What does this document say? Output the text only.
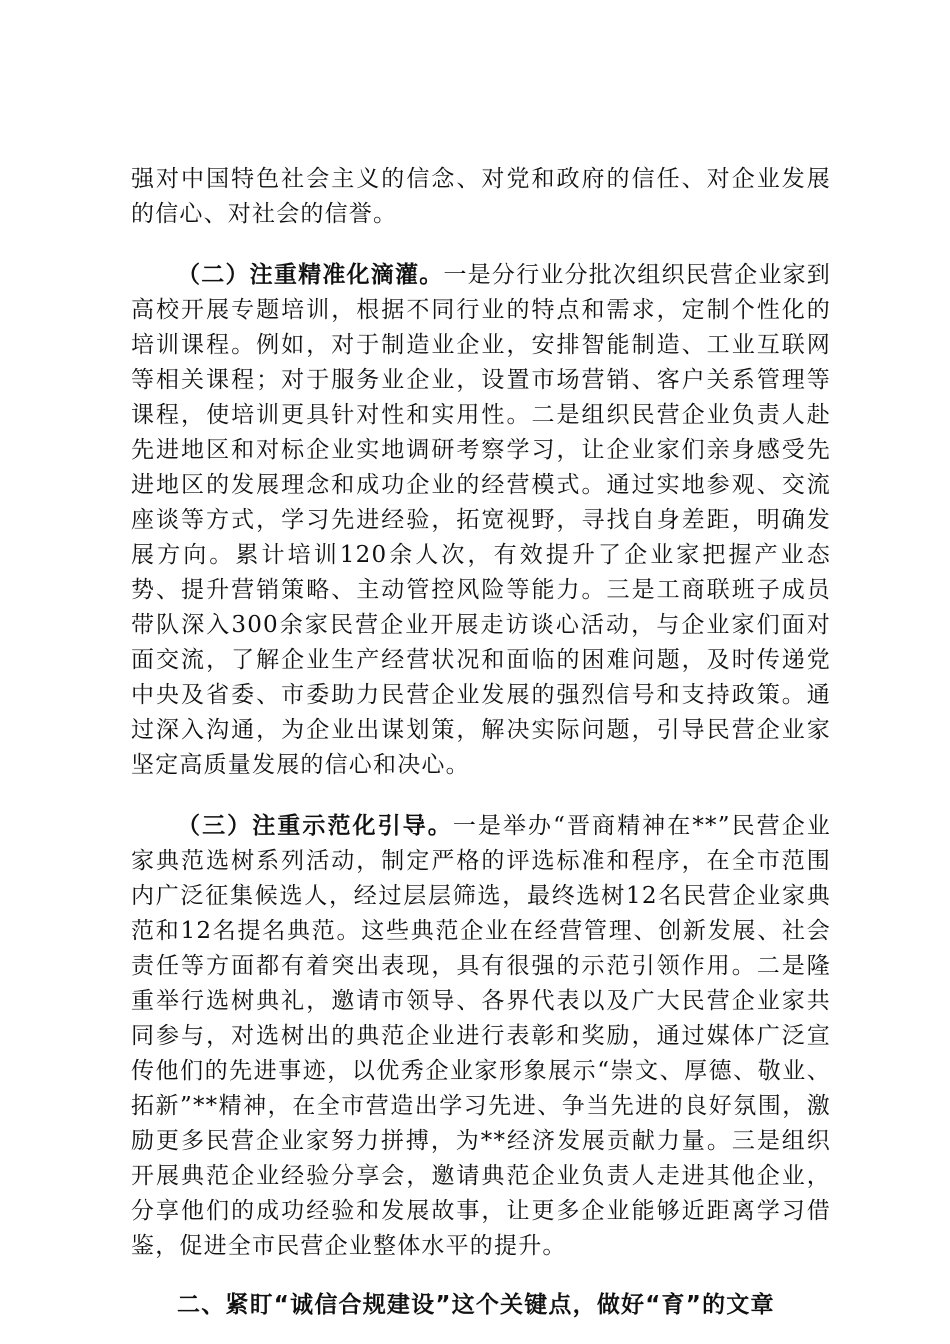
强对中国特色社会主义的信念、对党和政府的信任、对企业发展的信心、对社会的信誉。

（二）注重精准化滴灌。一是分行业分批次组织民营企业家到高校开展专题培训，根据不同行业的特点和需求，定制个性化的培训课程。例如，对于制造业企业，安排智能制造、工业互联网等相关课程；对于服务业企业，设置市场营销、客户关系管理等课程，使培训更具针对性和实用性。二是组织民营企业负责人赴先进地区和对标企业实地调研考察学习，让企业家们亲身感受先进地区的发展理念和成功企业的经营模式。通过实地参观、交流座谈等方式，学习先进经验，拓宽视野，寻找自身差距，明确发展方向。累计培训120余人次，有效提升了企业家把握产业态势、提升营销策略、主动管控风险等能力。三是工商联班子成员带队深入300余家民营企业开展走访谈心活动，与企业家们面对面交流，了解企业生产经营状况和面临的困难问题，及时传递党中央及省委、市委助力民营企业发展的强烈信号和支持政策。通过深入沟通，为企业出谋划策，解决实际问题，引导民营企业家坚定高质量发展的信心和决心。

（三）注重示范化引导。一是举办“晋商精神在**”民营企业家典范选树系列活动，制定严格的评选标准和程序，在全市范围内广泛征集候选人，经过层层筛选，最终选树12名民营企业家典范和12名提名典范。这些典范企业在经营管理、创新发展、社会责任等方面都有着突出表现，具有很强的示范引领作用。二是隆重举行选树典礼，邀请市领导、各界代表以及广大民营企业家共同参与，对选树出的典范企业进行表彰和奖励，通过媒体广泛宣传他们的先进事迹，以优秀企业家形象展示“崇文、厚德、敬业、拓新”**精神，在全市营造出学习先进、争当先进的良好氛围，激励更多民营企业家努力拼搏，为**经济发展贡献力量。三是组织开展典范企业经验分享会，邀请典范企业负责人走进其他企业，分享他们的成功经验和发展故事，让更多企业能够近距离学习借鉴，促进全市民营企业整体水平的提升。

二、紧盯“诚信合规建设”这个关键点，做好“育”的文章
